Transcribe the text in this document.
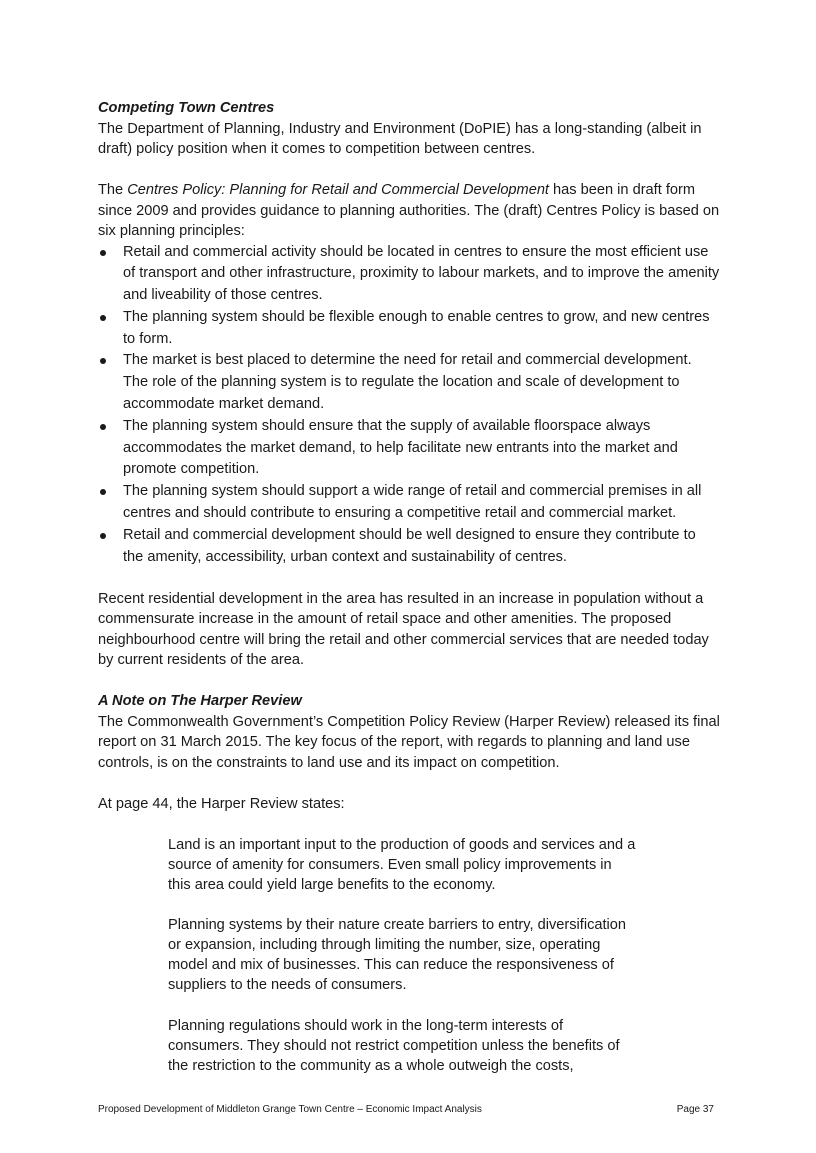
Competing Town Centres

The Department of Planning, Industry and Environment (DoPIE) has a long-standing (albeit in draft) policy position when it comes to competition between centres.

The Centres Policy: Planning for Retail and Commercial Development has been in draft form since 2009 and provides guidance to planning authorities. The (draft) Centres Policy is based on six planning principles:

Retail and commercial activity should be located in centres to ensure the most efficient use of transport and other infrastructure, proximity to labour markets, and to improve the amenity and liveability of those centres.
The planning system should be flexible enough to enable centres to grow, and new centres to form.
The market is best placed to determine the need for retail and commercial development. The role of the planning system is to regulate the location and scale of development to accommodate market demand.
The planning system should ensure that the supply of available floorspace always accommodates the market demand, to help facilitate new entrants into the market and promote competition.
The planning system should support a wide range of retail and commercial premises in all centres and should contribute to ensuring a competitive retail and commercial market.
Retail and commercial development should be well designed to ensure they contribute to the amenity, accessibility, urban context and sustainability of centres.

Recent residential development in the area has resulted in an increase in population without a commensurate increase in the amount of retail space and other amenities. The proposed neighbourhood centre will bring the retail and other commercial services that are needed today by current residents of the area.

A Note on The Harper Review

The Commonwealth Government’s Competition Policy Review (Harper Review) released its final report on 31 March 2015. The key focus of the report, with regards to planning and land use controls, is on the constraints to land use and its impact on competition.

At page 44, the Harper Review states:

Land is an important input to the production of goods and services and a source of amenity for consumers. Even small policy improvements in this area could yield large benefits to the economy.

Planning systems by their nature create barriers to entry, diversification or expansion, including through limiting the number, size, operating model and mix of businesses. This can reduce the responsiveness of suppliers to the needs of consumers.

Planning regulations should work in the long-term interests of consumers. They should not restrict competition unless the benefits of the restriction to the community as a whole outweigh the costs,

Proposed Development of Middleton Grange Town Centre – Economic Impact Analysis	Page 37
